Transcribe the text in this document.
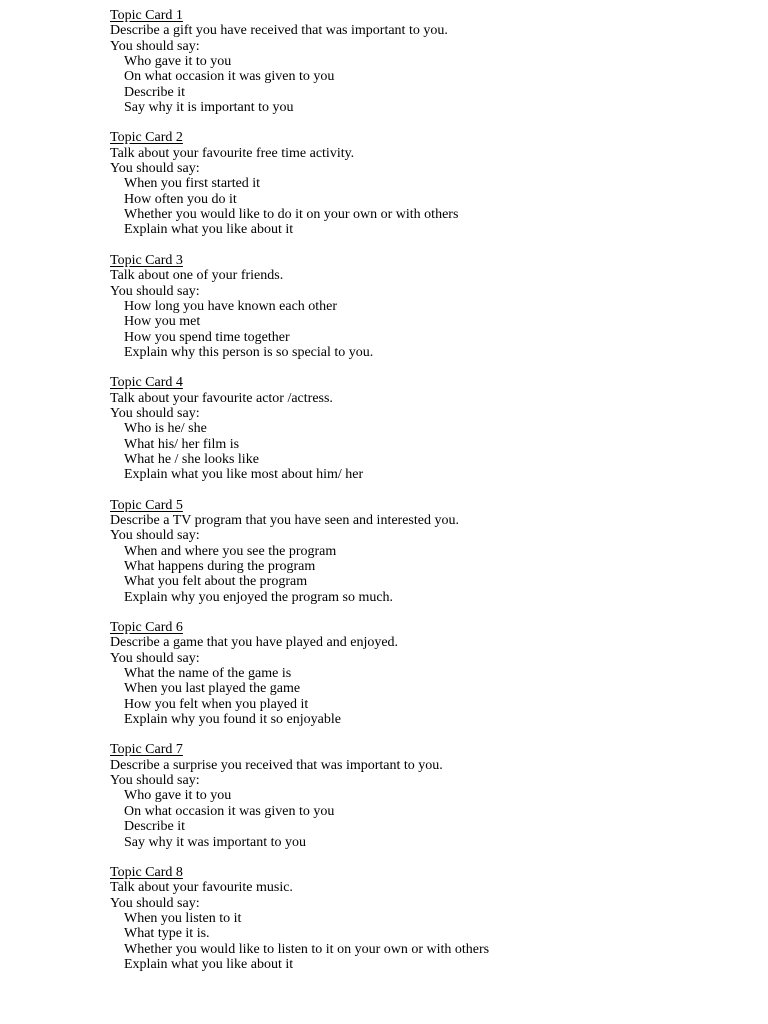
Topic Card 1
Describe a gift you have received that was important to you.
You should say:
Who gave it to you
On what occasion it was given to you
Describe it
Say why it is important to you
Topic Card 2
Talk about your favourite free time activity.
You should say:
When you first started it
How often you do it
Whether you would like to do it on your own or with others
Explain what you like about it
Topic Card 3
Talk about one of your friends.
You should say:
How long you have known each other
How you met
How you spend time together
Explain why this person is so special to you.
Topic Card 4
Talk about your favourite actor /actress.
You should say:
Who is he/ she
What his/ her film is
What he / she looks like
Explain what you like most about him/ her
Topic Card 5
Describe a TV program that you have seen and interested you.
You should say:
When and where you see the program
What happens during the program
What you felt about the program
Explain why you enjoyed the program so much.
Topic Card 6
Describe a game that you have played and enjoyed.
You should say:
What the name of the game is
When you last played the game
How you felt when you played it
Explain why you found it so enjoyable
Topic Card 7
Describe a surprise you received that was important to you.
You should say:
Who gave it to you
On what occasion it was given to you
Describe it
Say why it was important to you
Topic Card 8
Talk about your favourite music.
You should say:
When you listen to it
What type it is.
Whether you would like to listen to it on your own or with others
Explain what you like about it
